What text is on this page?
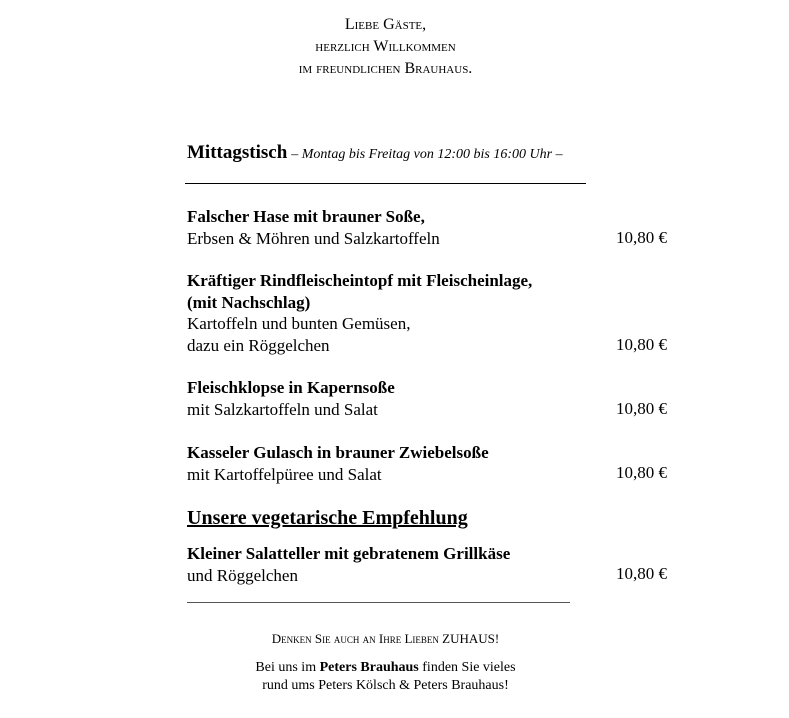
Liebe Gäste,
herzlich Willkommen
im freundlichen Brauhaus.
Mittagstisch – Montag bis Freitag von 12:00 bis 16:00 Uhr –
Falscher Hase mit brauner Soße,
Erbsen & Möhren und Salzkartoffeln	10,80 €
Kräftiger Rindfleischeintopf mit Fleischeinlage,
(mit Nachschlag)
Kartoffeln und bunten Gemüsen,
dazu ein Röggelchen	10,80 €
Fleischklopse in Kapernsoße
mit Salzkartoffeln und Salat	10,80 €
Kasseler Gulasch in brauner Zwiebelsoße
mit Kartoffelpüree und Salat	10,80 €
Unsere vegetarische Empfehlung
Kleiner Salatteller mit gebratenem Grillkäse
und Röggelchen	10,80 €
Denken Sie auch an Ihre Lieben ZUHAUS!
Bei uns im Peters Brauhaus finden Sie vieles
rund ums Peters Kölsch & Peters Brauhaus!
